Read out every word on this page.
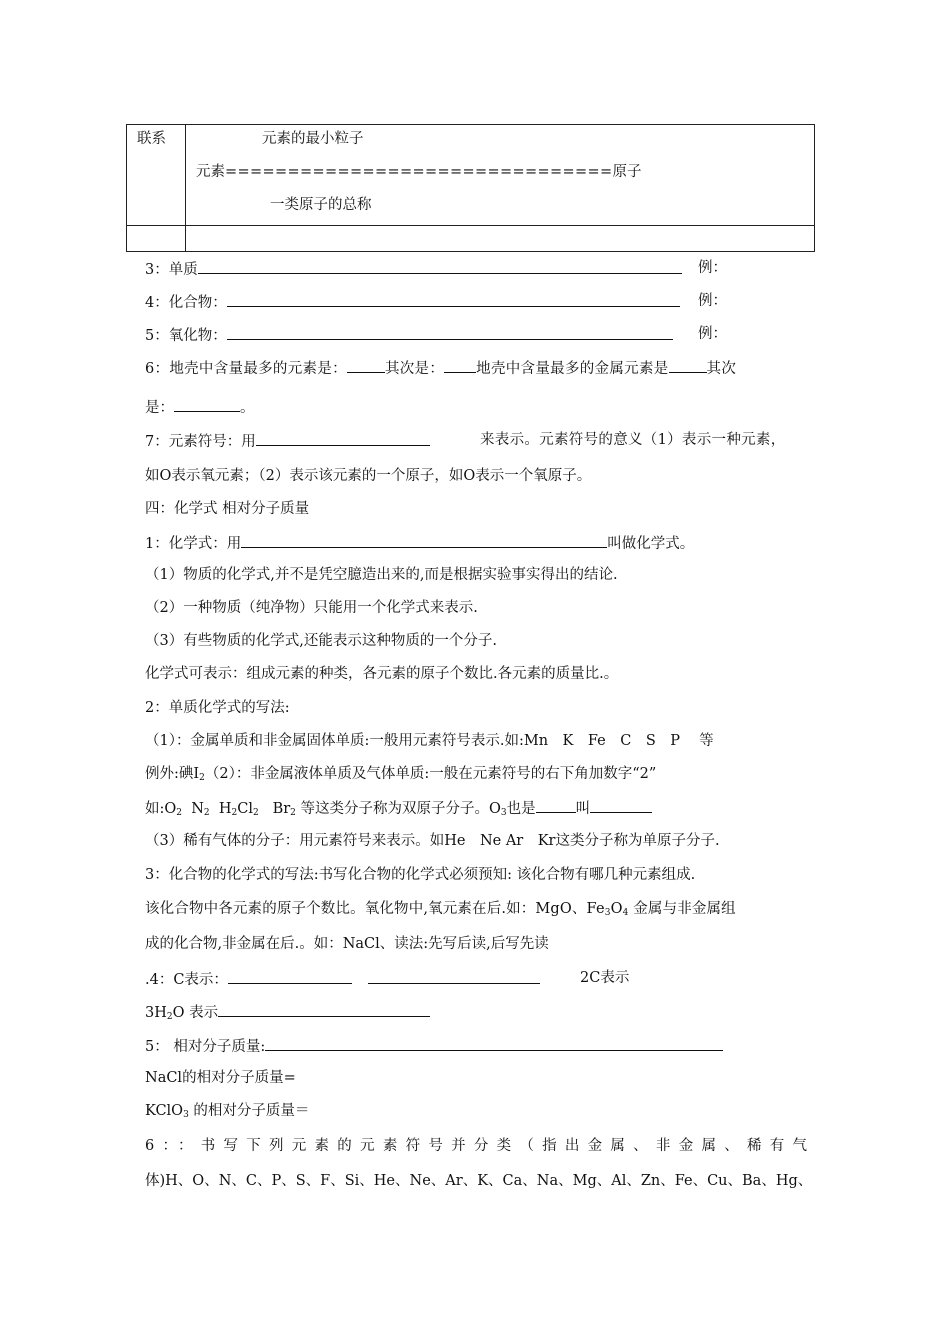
联系	元素的最小粒子
元素===============================原子
一类原子的总称
3：单质	例：
4：化合物：	例：
5：氧化物：	例：
6：地壳中含量最多的元素是：	其次是： 地壳中含量最多的金属元素是	其次
是：	。
7：元素符号：用	来表示。元素符号的意义（1）表示一种元素，
如O表示氧元素；（2）表示该元素的一个原子，如O表示一个氧原子。
四：化学式 相对分子质量
1：化学式：用	叫做化学式。
（1）物质的化学式,并不是凭空臆造出来的,而是根据实验事实得出的结论.
（2）一种物质（纯净物）只能用一个化学式来表示.
（3）有些物质的化学式,还能表示这种物质的一个分子.
化学式可表示：组成元素的种类，各元素的原子个数比.各元素的质量比.。
2：单质化学式的写法:
（1）：金属单质和非金属固体单质:一般用元素符号表示.如:Mn　K　Fe　C　S　P　 等
例外:碘$I_2(2)$：非金属液体单质及气体单质:一般在元素符号的右下角加数字“2”
如$:O_2$ $N_2$ $H_2Cl_2$ $Br_2$ 等这类分子称为双原子分子。$O_3$也是	叫
（3）稀有气体的分子：用元素符号来表示。如He　Ne Ar　Kr这类分子称为单原子分子.
3：化合物的化学式的写法:书写化合物的化学式必须预知: 该化合物有哪几种元素组成.
该化合物中各元素的原子个数比。氧化物中,氧元素在后.如：MgO、$Fe_3O_4$ 金属与非金属组
成的化合物,非金属在后.。如：NaCl、读法:先写后读,后写先读
.4：C表示：	2C表示
$3H_2O$ 表示
5： 相对分子质量:
NaCl的相对分子质量=
KClO$_3$ 的相对分子质量＝
6：：书写下列元素的元素符号并分类（指出金属、非金属、稀有气
体)H、O、N、C、P、S、F、Si、He、Ne、Ar、K、Ca、Na、Mg、Al、Zn、Fe、Cu、Ba、Hg、
